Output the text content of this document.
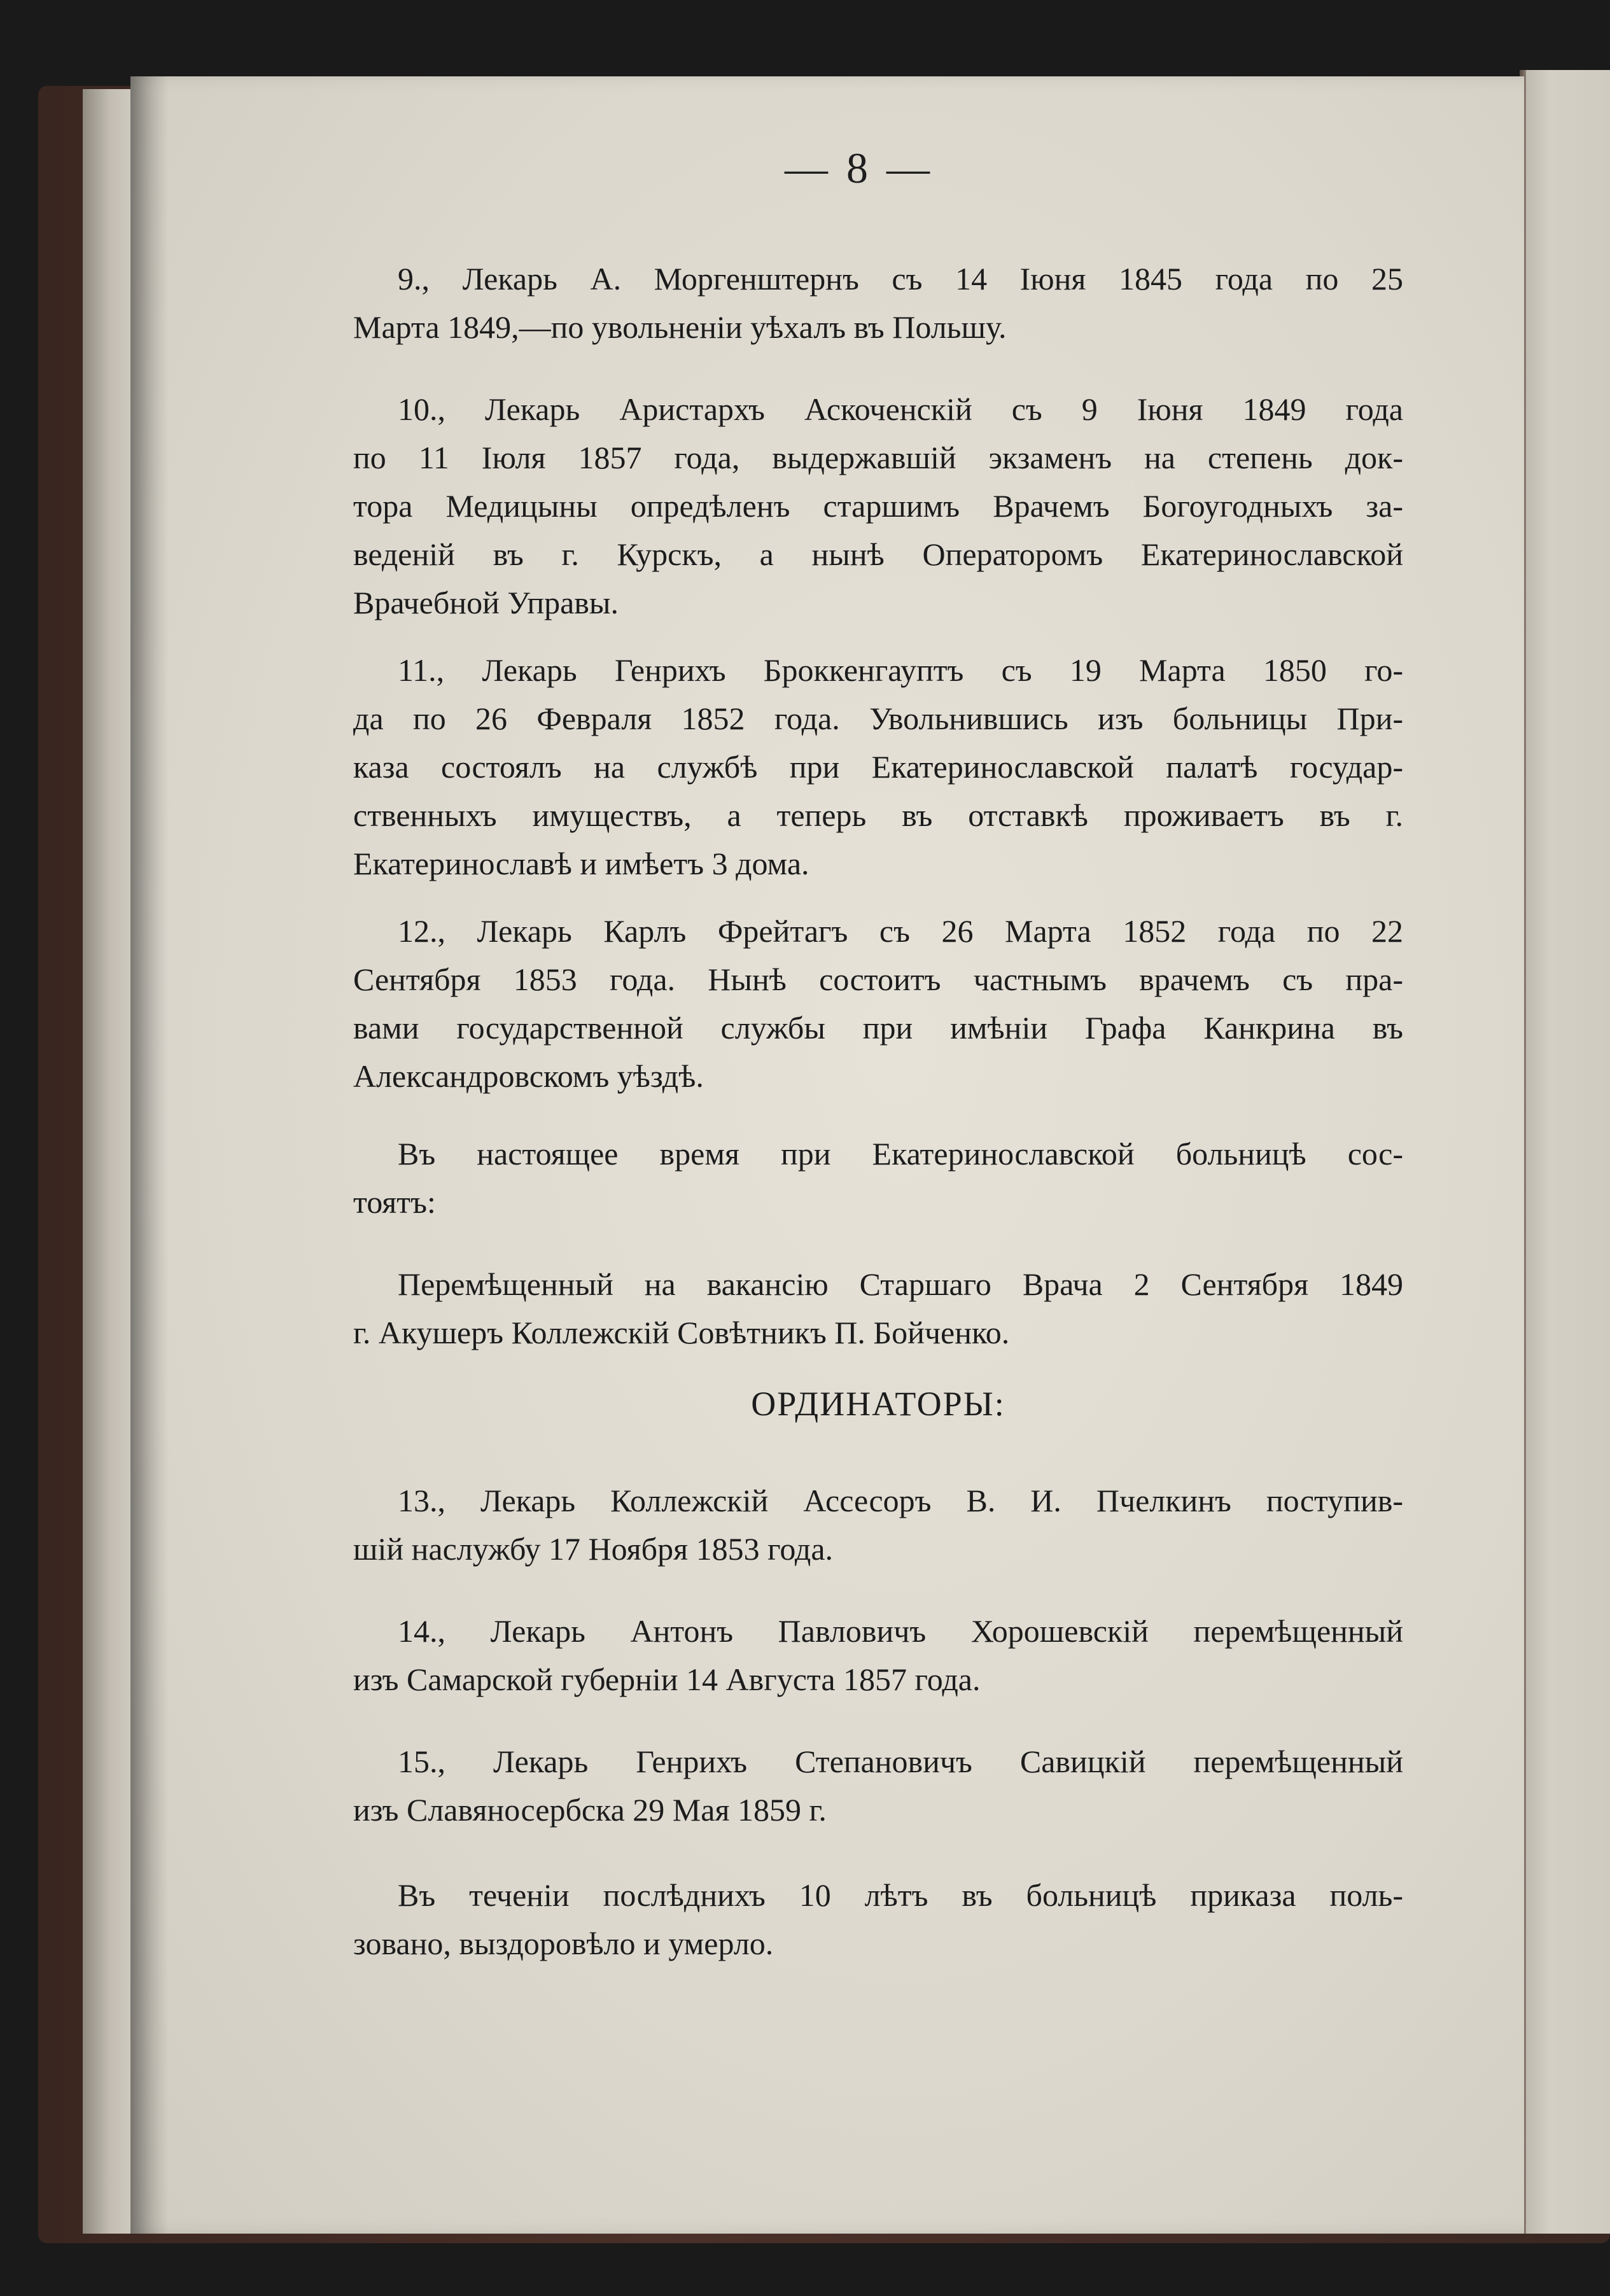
— 8 —
9., Лекарь А. Моргенштернъ съ 14 Іюня 1845 года по 25
Марта 1849,—по увольненіи уѣхалъ въ Польшу.
10., Лекарь Аристархъ Аскоченскій съ 9 Іюня 1849 года
по 11 Іюля 1857 года, выдержавшій экзаменъ на степень док-
тора Медицыны опредѣленъ старшимъ Врачемъ Богоугодныхъ за-
веденій въ г. Курскъ, а нынѣ Операторомъ Екатеринославской
Врачебной Управы.
11., Лекарь Генрихъ Броккенгауптъ съ 19 Марта 1850 го-
да по 26 Февраля 1852 года. Увольнившись изъ больницы При-
каза состоялъ на службѣ при Екатеринославской палатѣ государ-
ственныхъ имуществъ, а теперь въ отставкѣ проживаетъ въ г.
Екатеринославѣ и имѣетъ 3 дома.
12., Лекарь Карлъ Фрейтагъ съ 26 Марта 1852 года по 22
Сентября 1853 года. Нынѣ состоитъ частнымъ врачемъ съ пра-
вами государственной службы при имѣніи Графа Канкрина въ
Александровскомъ уѣздѣ.
Въ настоящее время при Екатеринославской больницѣ сос-
тоятъ:
Перемѣщенный на вакансію Старшаго Врача 2 Сентября 1849
г. Акушеръ Коллежскій Совѣтникъ П. Бойченко.
ОРДИНАТОРЫ:
13., Лекарь Коллежскій Ассесоръ В. И. Пчелкинъ поступив-
шій наслужбу 17 Ноября 1853 года.
14., Лекарь Антонъ Павловичъ Хорошевскій перемѣщенный
изъ Самарской губерніи 14 Августа 1857 года.
15., Лекарь Генрихъ Степановичъ Савицкій перемѣщенный
изъ Славяносербска 29 Мая 1859 г.
Въ теченіи послѣднихъ 10 лѣтъ въ больницѣ приказа поль-
зовано, выздоровѣло и умерло.
